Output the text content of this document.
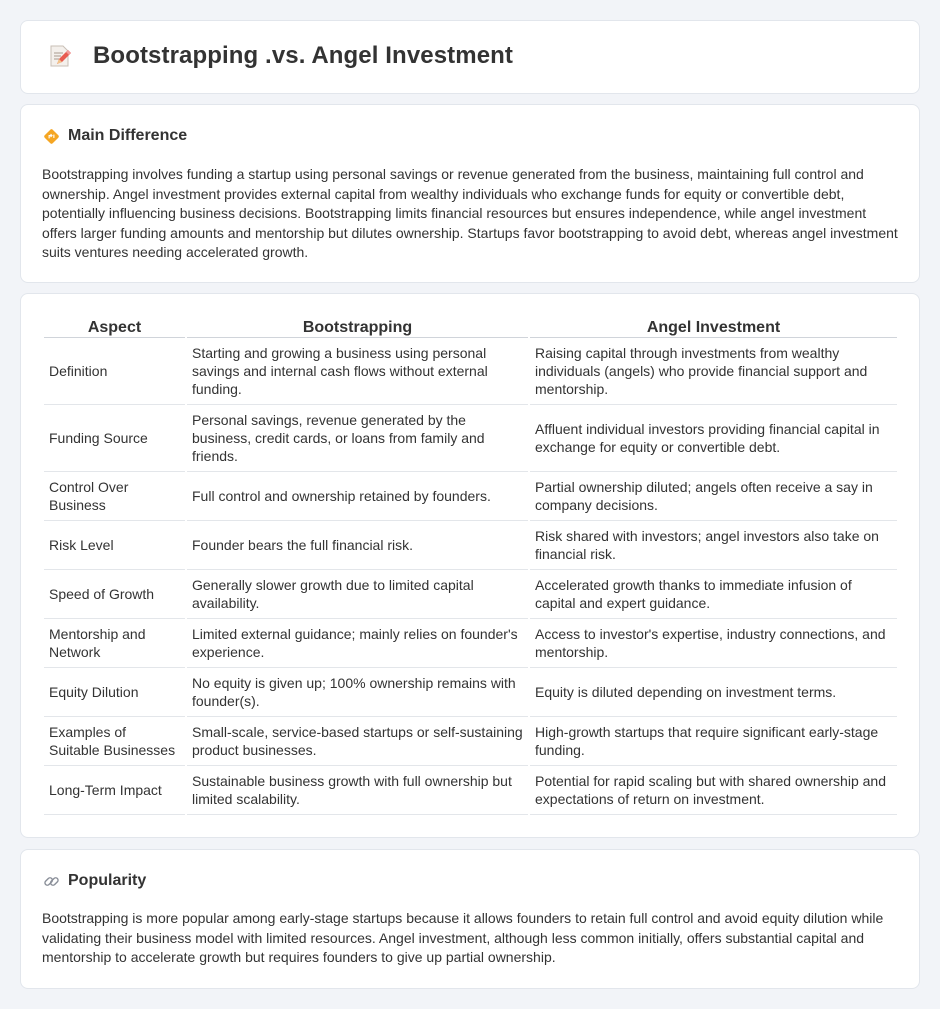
Bootstrapping .vs. Angel Investment
Main Difference

Bootstrapping involves funding a startup using personal savings or revenue generated from the business, maintaining full control and ownership. Angel investment provides external capital from wealthy individuals who exchange funds for equity or convertible debt, potentially influencing business decisions. Bootstrapping limits financial resources but ensures independence, while angel investment offers larger funding amounts and mentorship but dilutes ownership. Startups favor bootstrapping to avoid debt, whereas angel investment suits ventures needing accelerated growth.

Aspect	Bootstrapping	Angel Investment
Definition	Starting and growing a business using personal savings and internal cash flows without external funding.	Raising capital through investments from wealthy individuals (angels) who provide financial support and mentorship.
Funding Source	Personal savings, revenue generated by the business, credit cards, or loans from family and friends.	Affluent individual investors providing financial capital in exchange for equity or convertible debt.
Control Over Business	Full control and ownership retained by founders.	Partial ownership diluted; angels often receive a say in company decisions.
Risk Level	Founder bears the full financial risk.	Risk shared with investors; angel investors also take on financial risk.
Speed of Growth	Generally slower growth due to limited capital availability.	Accelerated growth thanks to immediate infusion of capital and expert guidance.
Mentorship and Network	Limited external guidance; mainly relies on founder's experience.	Access to investor's expertise, industry connections, and mentorship.
Equity Dilution	No equity is given up; 100% ownership remains with founder(s).	Equity is diluted depending on investment terms.
Examples of Suitable Businesses	Small-scale, service-based startups or self-sustaining product businesses.	High-growth startups that require significant early-stage funding.
Long-Term Impact	Sustainable business growth with full ownership but limited scalability.	Potential for rapid scaling but with shared ownership and expectations of return on investment.
Popularity

Bootstrapping is more popular among early-stage startups because it allows founders to retain full control and avoid equity dilution while validating their business model with limited resources. Angel investment, although less common initially, offers substantial capital and mentorship to accelerate growth but requires founders to give up partial ownership.
